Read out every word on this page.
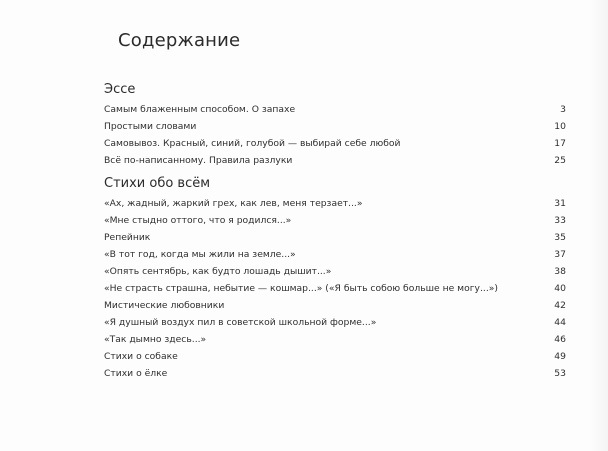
Содержание
Эссе
Самым блаженным способом. О запахе	3
Простыми словами	10
Самовывоз. Красный, синий, голубой — выбирай себе любой	17
Всё по-написанному. Правила разлуки	25
Стихи обо всём
«Ах, жадный, жаркий грех, как лев, меня терзает...»	31
«Мне стыдно оттого, что я родился...»	33
Репейник	35
«В тот год, когда мы жили на земле...»	37
«Опять сентябрь, как будто лошадь дышит...»	38
«Не страсть страшна, небытие — кошмар...» («Я быть собою больше не могу...»)	40
Мистические любовники	42
«Я душный воздух пил в советской школьной форме...»	44
«Так дымно здесь...»	46
Стихи о собаке	49
Стихи о ёлке	53
